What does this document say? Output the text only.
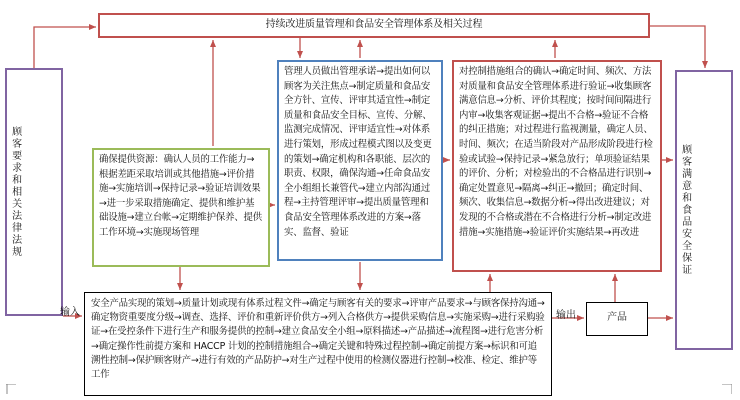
持续改进质量管理和食品安全管理体系及相关过程
顾客要求和相关法律法规	顾客满意和食品安全保证
确保提供资源：确认人员的工作能力→根据差距采取培训或其他措施→评价措施→实施培训→保持记录→验证培训效果→进一步采取措施确定、提供和维护基础设施→建立台帐→定期维护保养、提供工作环境→实施现场管理
管理人员做出管理承诺→提出如何以顾客为关注焦点→制定质量和食品安全方针、宣传、评审其适宜性→制定质量和食品安全目标、宣传、分解、监测完成情况、评审适宜性→对体系进行策划，形成过程模式图以及变更的策划→确定机构和各职能、层次的职责、权限，确保沟通→任命食品安全小组组长兼管代→建立内部沟通过程→主持管理评审→提出质量管理和食品安全管理体系改进的方案→落实、监督、验证
对控制措施组合的确认→确定时间、频次、方法对质量和食品安全管理体系进行验证→收集顾客满意信息→分析、评价其程度；按时间间隔进行内审→收集客观证据→提出不合格→验证不合格的纠正措施；对过程进行监视测量，确定人员、时间、频次；在适当阶段对产品形成阶段进行检验或试验→保持记录→紧急放行；单项验证结果的评价、分析；对检验出的不合格品进行识别→确定处置意见→隔离→纠正→撤回；确定时间、频次、收集信息→数据分析→得出改进建议；对发现的不合格或潜在不合格进行分析→制定改进措施→实施措施→验证评价实施结果→再改进
安全产品实现的策划→质量计划或现有体系过程文件→确定与顾客有关的要求→评审产品要求→与顾客保持沟通→确定物资重要度分级→调查、选择、评价和重新评价供方→列入合格供方→提供采购信息→实施采购→进行采购验证→在受控条件下进行生产和服务提供的控制→建立食品安全小组→原料描述→产品描述→流程图→进行危害分析→确定操作性前提方案和 HACCP 计划的控制措施组合→确定关键和特殊过程控制→确定前提方案→标识和可追溯性控制→保护顾客财产→进行有效的产品防护→对生产过程中使用的检测仪器进行控制→校准、检定、维护等工作
产品
输入	输出
